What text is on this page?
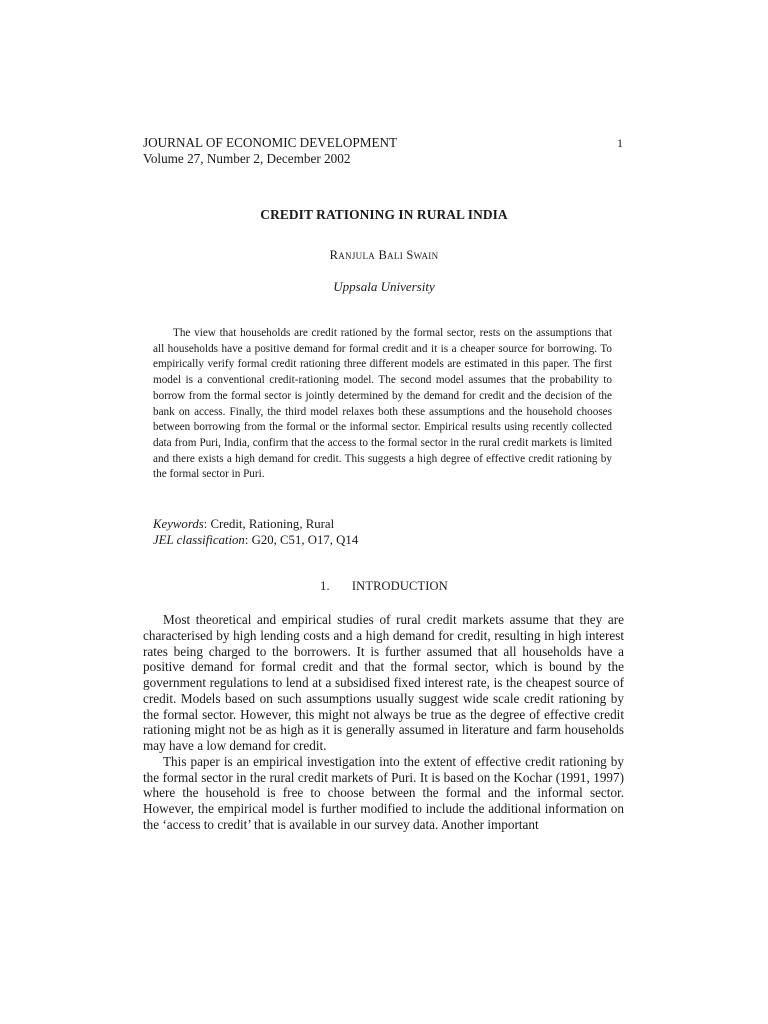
JOURNAL OF ECONOMIC DEVELOPMENT	1
Volume 27, Number 2, December 2002
CREDIT RATIONING IN RURAL INDIA
Ranjula Bali Swain
Uppsala University

The view that households are credit rationed by the formal sector, rests on the assumptions that all households have a positive demand for formal credit and it is a cheaper source for borrowing. To empirically verify formal credit rationing three different models are estimated in this paper. The first model is a conventional credit-rationing model. The second model assumes that the probability to borrow from the formal sector is jointly determined by the demand for credit and the decision of the bank on access. Finally, the third model relaxes both these assumptions and the household chooses between borrowing from the formal or the informal sector. Empirical results using recently collected data from Puri, India, confirm that the access to the formal sector in the rural credit markets is limited and there exists a high demand for credit. This suggests a high degree of effective credit rationing by the formal sector in Puri.

Keywords: Credit, Rationing, Rural
JEL classification: G20, C51, O17, Q14
1. INTRODUCTION

Most theoretical and empirical studies of rural credit markets assume that they are characterised by high lending costs and a high demand for credit, resulting in high interest rates being charged to the borrowers. It is further assumed that all households have a positive demand for formal credit and that the formal sector, which is bound by the government regulations to lend at a subsidised fixed interest rate, is the cheapest source of credit. Models based on such assumptions usually suggest wide scale credit rationing by the formal sector. However, this might not always be true as the degree of effective credit rationing might not be as high as it is generally assumed in literature and farm households may have a low demand for credit.

This paper is an empirical investigation into the extent of effective credit rationing by the formal sector in the rural credit markets of Puri. It is based on the Kochar (1991, 1997) where the household is free to choose between the formal and the informal sector. However, the empirical model is further modified to include the additional information on the ‘access to credit’ that is available in our survey data. Another important
